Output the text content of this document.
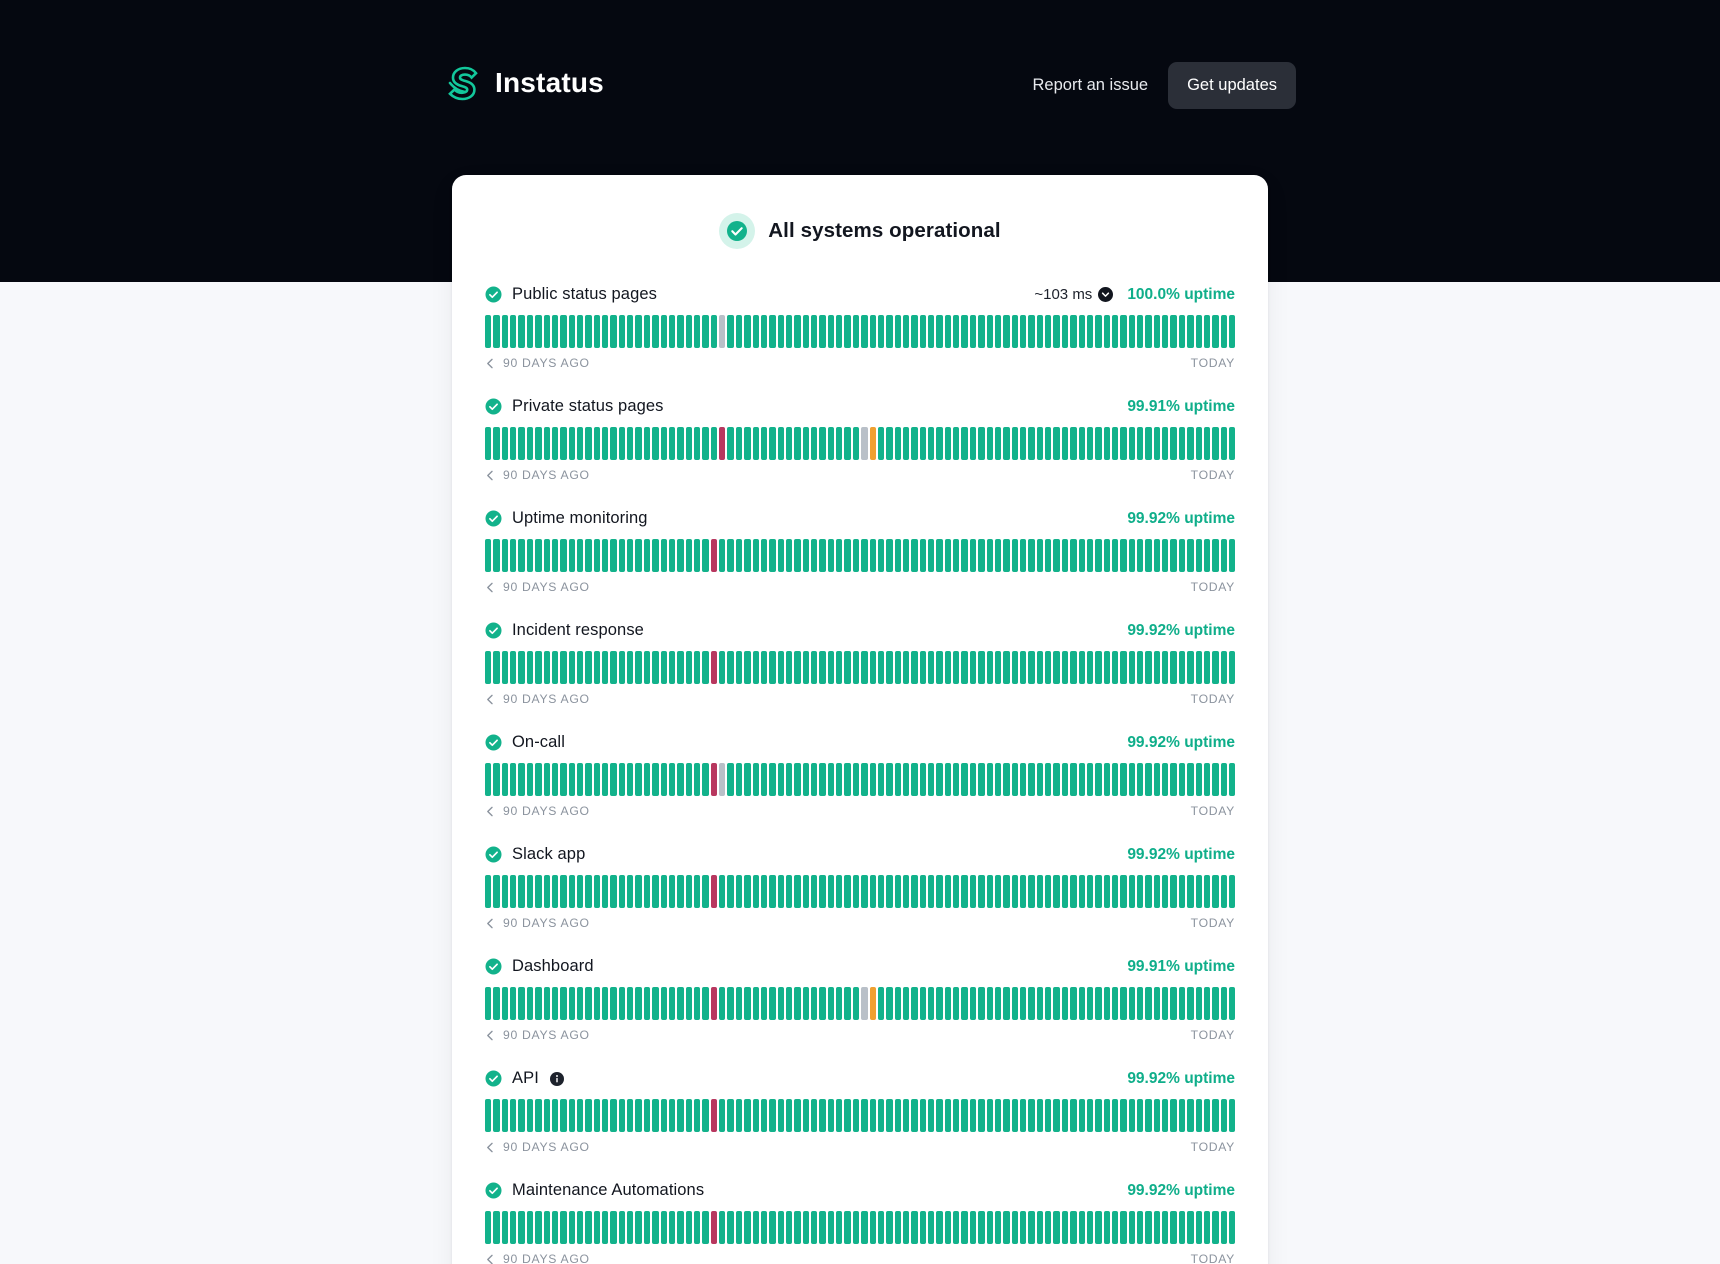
Instatus	Report an issue	Get updates
All systems operational
Public status pages	~103 ms 100.0% uptime
90 DAYS AGO	TODAY
Private status pages	99.91% uptime
90 DAYS AGO	TODAY
Uptime monitoring	99.92% uptime
90 DAYS AGO	TODAY
Incident response	99.92% uptime
90 DAYS AGO	TODAY
On-call	99.92% uptime
90 DAYS AGO	TODAY
Slack app	99.92% uptime
90 DAYS AGO	TODAY
Dashboard	99.91% uptime
90 DAYS AGO	TODAY
API	99.92% uptime
90 DAYS AGO	TODAY
Maintenance Automations	99.92% uptime
90 DAYS AGO	TODAY
